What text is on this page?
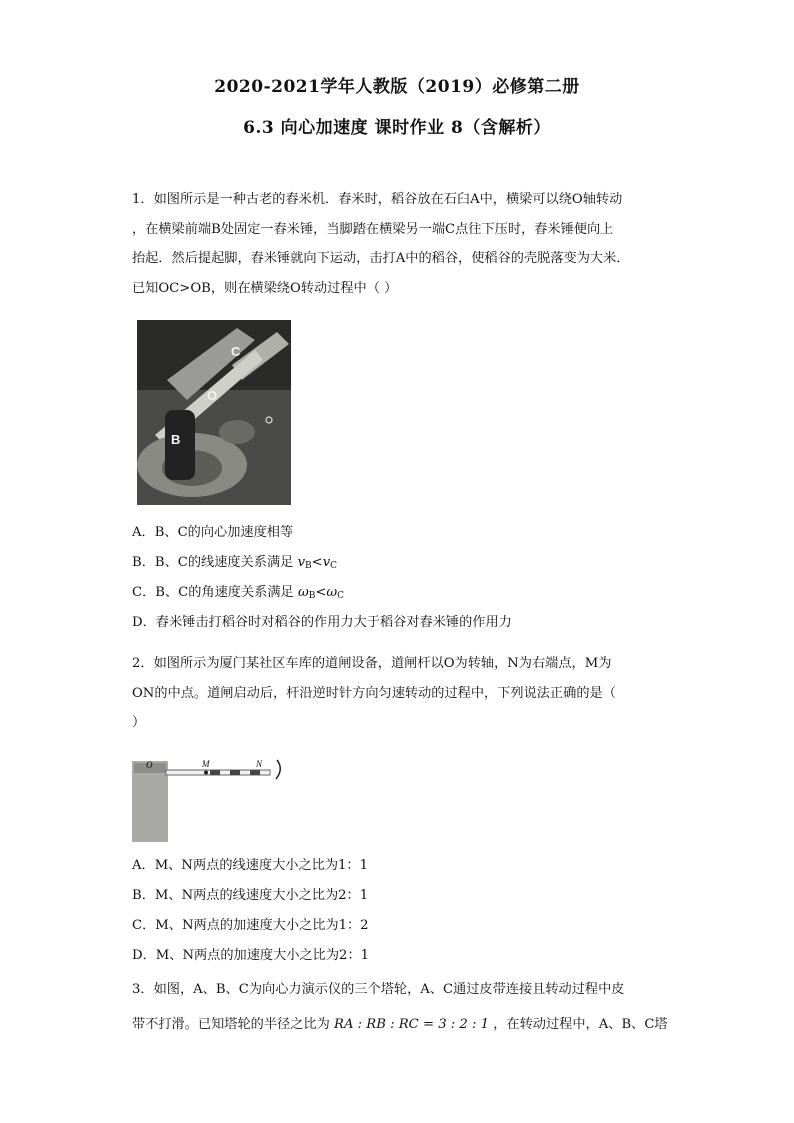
2020-2021学年人教版（2019）必修第二册
6.3 向心加速度 课时作业 8（含解析）
1．如图所示是一种古老的舂米机．舂米时，稻谷放在石臼A中，横梁可以绕O轴转动
，在横梁前端B处固定一舂米锤，当脚踏在横梁另一端C点往下压时，舂米锤便向上
抬起．然后提起脚，舂米锤就向下运动，击打A中的稻谷，使稻谷的壳脱落变为大米．
已知OC>OB，则在横梁绕O转动过程中（ ）
C
O
B
A．B、C的向心加速度相等
B．B、C的线速度关系满足 $v_B<v_C$
C．B、C的角速度关系满足 $\omega_B<\omega_C$
D．舂米锤击打稻谷时对稻谷的作用力大于稻谷对舂米锤的作用力
2．如图所示为厦门某社区车库的道闸设备，道闸杆以O为转轴，N为右端点，M为
ON的中点。道闸启动后，杆沿逆时针方向匀速转动的过程中，下列说法正确的是（
）
O	M	N
A．M、N两点的线速度大小之比为1：1
B．M、N两点的线速度大小之比为2：1
C．M、N两点的加速度大小之比为1：2
D．M、N两点的加速度大小之比为2：1
3．如图，A、B、C为向心力演示仪的三个塔轮，A、C通过皮带连接且转动过程中皮
带不打滑。已知塔轮的半径之比为 RA : RB : RC = 3 : 2 : 1 ，在转动过程中，A、B、C塔
